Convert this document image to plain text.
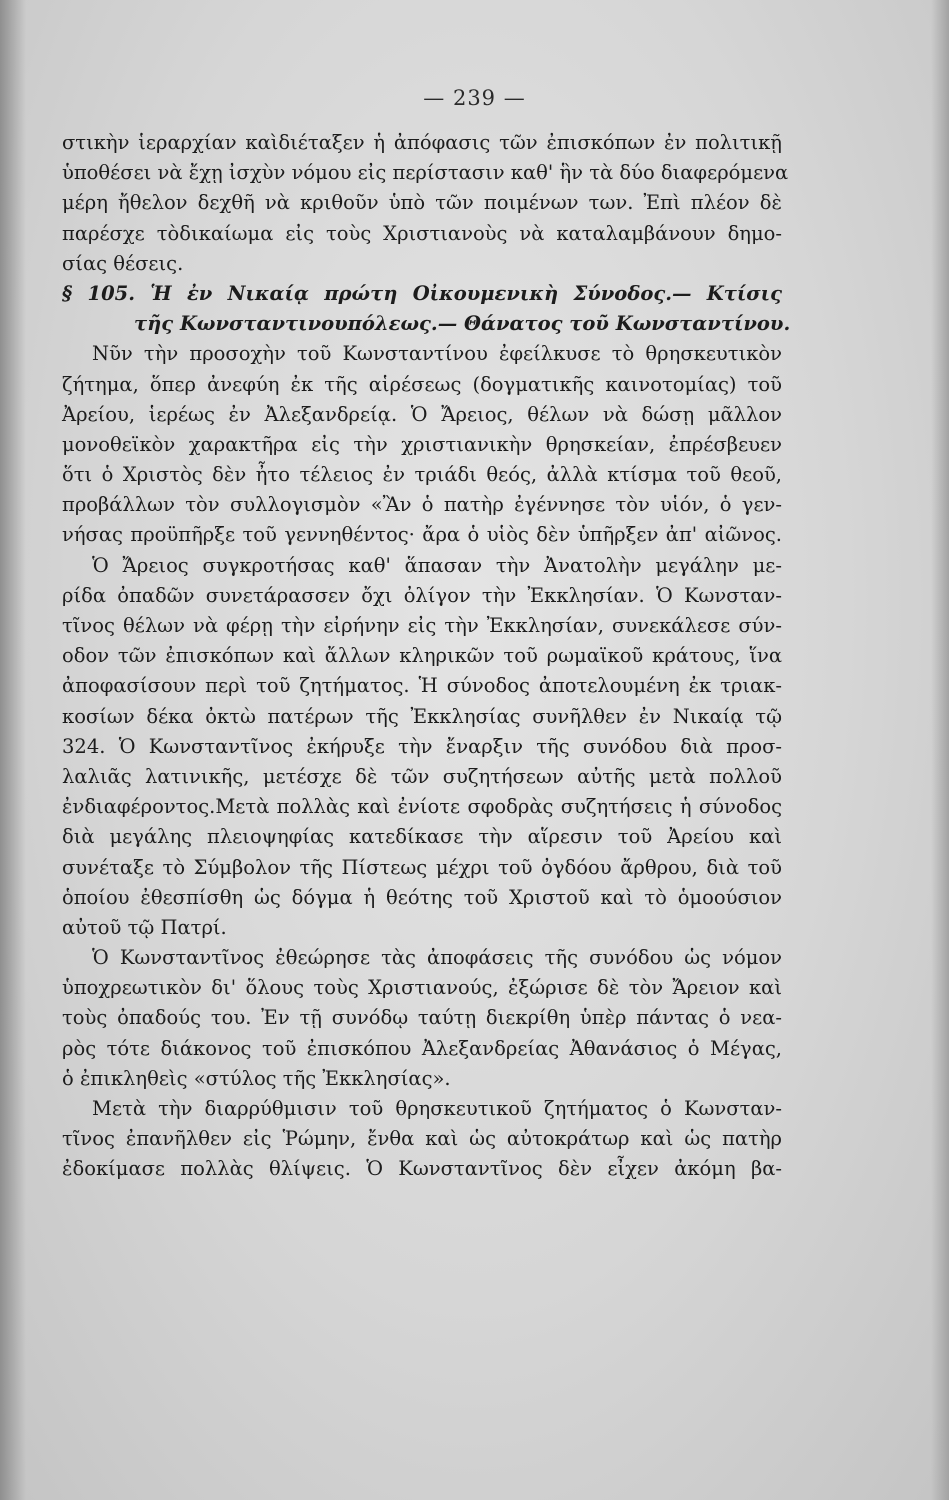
— 239 —
στικὴν ἱεραρχίαν καὶδιέταξεν ἡ ἀπόφασις τῶν ἐπισκόπων ἐν πολιτικῇ
ὑποθέσει νὰ ἔχῃ ἰσχὺν νόμου εἰς περίστασιν καθ' ἣν τὰ δύο διαφερόμενα
μέρη ἤθελον δεχθῆ νὰ κριθοῦν ὑπὸ τῶν ποιμένων των. Ἐπὶ πλέον δὲ
παρέσχε τὸδικαίωμα εἰς τοὺς Χριστιανοὺς νὰ καταλαμβάνουν δημο-
σίας θέσεις.
§ 105. Ἡ ἐν Νικαίᾳ πρώτη Οἰκουμενικὴ Σύνοδος.— Κτίσις
τῆς Κωνσταντινουπόλεως.— Θάνατος τοῦ Κωνσταντίνου.
Νῦν τὴν προσοχὴν τοῦ Κωνσταντίνου ἐφείλκυσε τὸ θρησκευτικὸν
ζήτημα, ὅπερ ἀνεφύη ἐκ τῆς αἱρέσεως (δογματικῆς καινοτομίας) τοῦ
Ἀρείου, ἱερέως ἐν Ἀλεξανδρείᾳ. Ὁ Ἄρειος, θέλων νὰ δώσῃ μᾶλλον
μονοθεϊκὸν χαρακτῆρα εἰς τὴν χριστιανικὴν θρησκείαν, ἐπρέσβευεν
ὅτι ὁ Χριστὸς δὲν ἦτο τέλειος ἐν τριάδι θεός, ἀλλὰ κτίσμα τοῦ θεοῦ,
προβάλλων τὸν συλλογισμὸν «Ἂν ὁ πατὴρ ἐγέννησε τὸν υἱόν, ὁ γεν-
νήσας προϋπῆρξε τοῦ γεννηθέντος· ἄρα ὁ υἱὸς δὲν ὑπῆρξεν ἀπ' αἰῶνος.
Ὁ Ἄρειος συγκροτήσας καθ' ἅπασαν τὴν Ἀνατολὴν μεγάλην με-
ρίδα ὀπαδῶν συνετάρασσεν ὄχι ὀλίγον τὴν Ἐκκλησίαν. Ὁ Κωνσταν-
τῖνος θέλων νὰ φέρῃ τὴν εἰρήνην εἰς τὴν Ἐκκλησίαν, συνεκάλεσε σύν-
οδον τῶν ἐπισκόπων καὶ ἄλλων κληρικῶν τοῦ ρωμαϊκοῦ κράτους, ἵνα
ἀποφασίσουν περὶ τοῦ ζητήματος. Ἡ σύνοδος ἀποτελουμένη ἐκ τριακ-
κοσίων δέκα ὀκτὼ πατέρων τῆς Ἐκκλησίας συνῆλθεν ἐν Νικαίᾳ τῷ
324. Ὁ Κωνσταντῖνος ἐκήρυξε τὴν ἔναρξιν τῆς συνόδου διὰ προσ-
λαλιᾶς λατινικῆς, μετέσχε δὲ τῶν συζητήσεων αὐτῆς μετὰ πολλοῦ
ἐνδιαφέροντος.Μετὰ πολλὰς καὶ ἐνίοτε σφοδρὰς συζητήσεις ἡ σύνοδος
διὰ μεγάλης πλειοψηφίας κατεδίκασε τὴν αἵρεσιν τοῦ Ἀρείου καὶ
συνέταξε τὸ Σύμβολον τῆς Πίστεως μέχρι τοῦ ὀγδόου ἄρθρου, διὰ τοῦ
ὁποίου ἐθεσπίσθη ὡς δόγμα ἡ θεότης τοῦ Χριστοῦ καὶ τὸ ὁμοούσιον
αὐτοῦ τῷ Πατρί.
Ὁ Κωνσταντῖνος ἐθεώρησε τὰς ἀποφάσεις τῆς συνόδου ὡς νόμον
ὑποχρεωτικὸν δι' ὅλους τοὺς Χριστιανούς, ἐξώρισε δὲ τὸν Ἄρειον καὶ
τοὺς ὀπαδούς του. Ἐν τῇ συνόδῳ ταύτῃ διεκρίθη ὑπὲρ πάντας ὁ νεα-
ρὸς τότε διάκονος τοῦ ἐπισκόπου Ἀλεξανδρείας Ἀθανάσιος ὁ Μέγας,
ὁ ἐπικληθεὶς «στύλος τῆς Ἐκκλησίας».
Μετὰ τὴν διαρρύθμισιν τοῦ θρησκευτικοῦ ζητήματος ὁ Κωνσταν-
τῖνος ἐπανῆλθεν εἰς Ῥώμην, ἔνθα καὶ ὡς αὐτοκράτωρ καὶ ὡς πατὴρ
ἐδοκίμασε πολλὰς θλίψεις. Ὁ Κωνσταντῖνος δὲν εἶχεν ἀκόμη βα-
